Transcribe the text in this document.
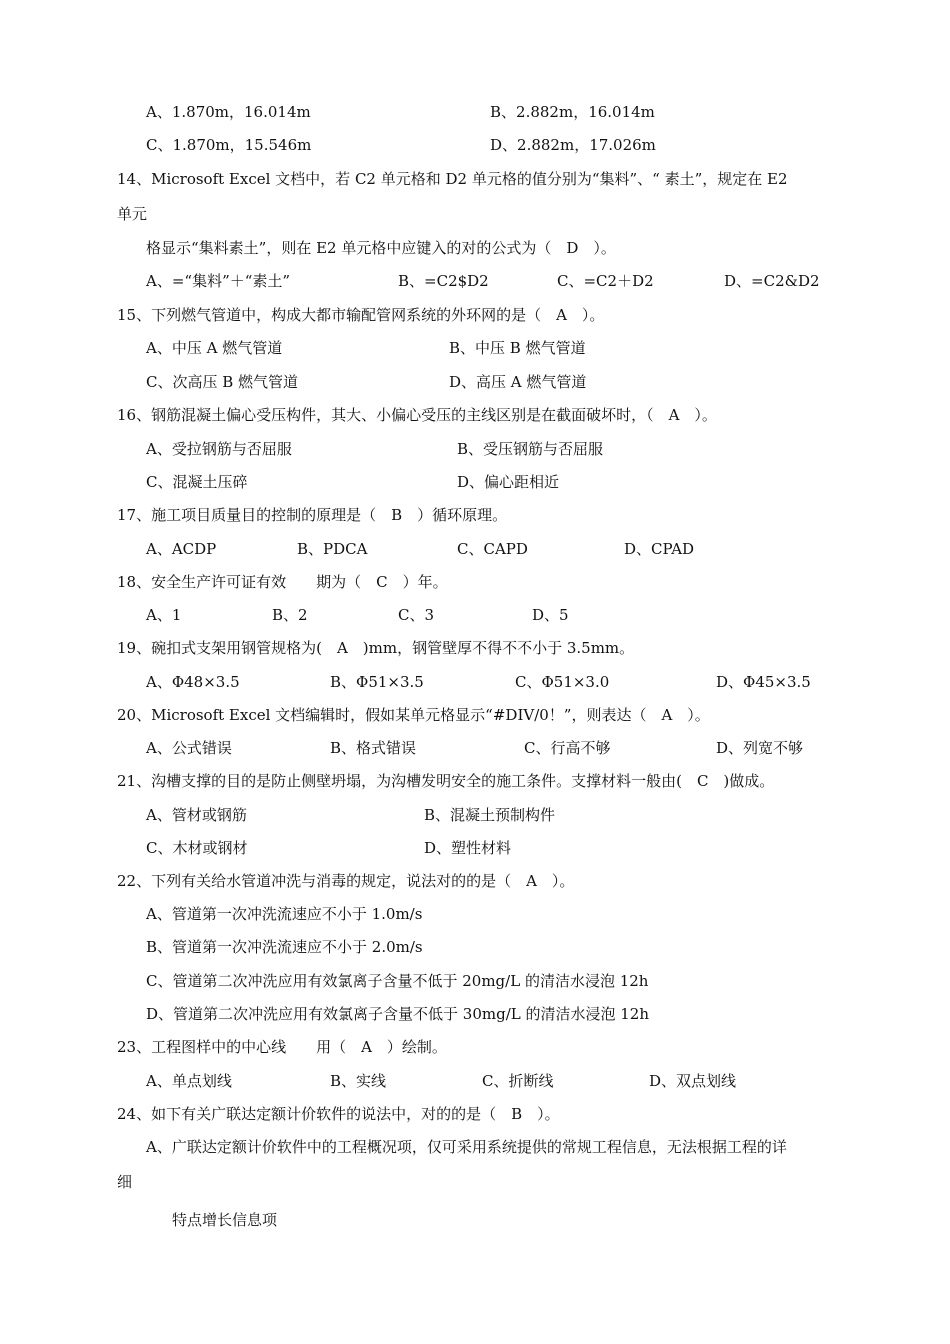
A、1.870m，16.014m	B、2.882m，16.014m
C、1.870m，15.546m	D、2.882m，17.026m
14、Microsoft Excel 文档中，若 C2 单元格和 D2 单元格的值分别为“集料”、“ 素土”，规定在 E2
单元
格显示“集料素土”，则在 E2 单元格中应键入的对的公式为（　D　）。
A、=“集料”＋“素土”	B、=C2$D2	C、=C2＋D2	D、=C2&D2
15、下列燃气管道中，构成大都市输配管网系统的外环网的是（　A　）。
A、中压 A 燃气管道	B、中压 B 燃气管道
C、次高压 B 燃气管道	D、高压 A 燃气管道
16、钢筋混凝土偏心受压构件，其大、小偏心受压的主线区别是在截面破坏时，（　A　）。
A、受拉钢筋与否屈服	B、受压钢筋与否屈服
C、混凝土压碎	D、偏心距相近
17、施工项目质量目的控制的原理是（　B　）循环原理。
A、ACDP	B、PDCA	C、CAPD	D、CPAD
18、安全生产许可证有效　　期为（　C　）年。
A、1	B、2	C、3	D、5
19、碗扣式支架用钢管规格为(　A　)mm，钢管壁厚不得不不小于 3.5mm。
A、Φ48×3.5	B、Φ51×3.5	C、Φ51×3.0	D、Φ45×3.5
20、Microsoft Excel 文档编辑时，假如某单元格显示“#DIV/0！”，则表达（　A　）。
A、公式错误	B、格式错误	C、行高不够	D、列宽不够
21、沟槽支撑的目的是防止侧壁坍塌，为沟槽发明安全的施工条件。支撑材料一般由(　C　)做成。
A、管材或钢筋	B、混凝土预制构件
C、木材或钢材	D、塑性材料
22、下列有关给水管道冲洗与消毒的规定，说法对的的是（　A　）。
A、管道第一次冲洗流速应不小于 1.0m/s
B、管道第一次冲洗流速应不小于 2.0m/s
C、管道第二次冲洗应用有效氯离子含量不低于 20mg/L 的清洁水浸泡 12h
D、管道第二次冲洗应用有效氯离子含量不低于 30mg/L 的清洁水浸泡 12h
23、工程图样中的中心线　　用（　A　）绘制。
A、单点划线	B、实线	C、折断线	D、双点划线
24、如下有关广联达定额计价软件的说法中，对的的是（　B　）。
A、广联达定额计价软件中的工程概况项，仅可采用系统提供的常规工程信息，无法根据工程的详
细
特点增长信息项
